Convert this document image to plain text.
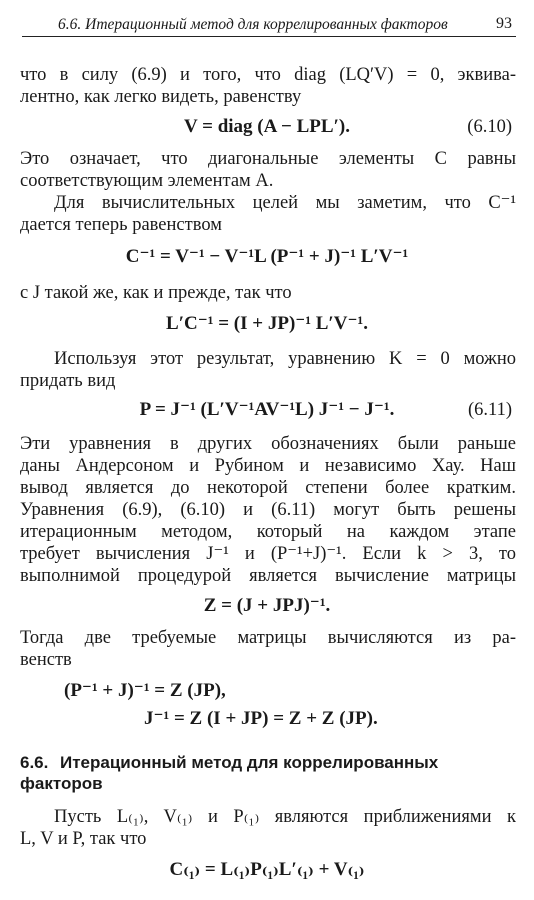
6.6. Итерационный метод для коррелированных факторов	93
что в силу (6.9) и того, что diag (LQ′V) = 0, эквива-
лентно, как легко видеть, равенству
V = diag (A − LPL′).	(6.10)
Это означает, что диагональные элементы C равны
соответствующим элементам A.
Для вычислительных целей мы заметим, что C⁻¹
дается теперь равенством
C⁻¹ = V⁻¹ − V⁻¹L (P⁻¹ + J)⁻¹ L′V⁻¹
с J такой же, как и прежде, так что
L′C⁻¹ = (I + JP)⁻¹ L′V⁻¹.
Используя этот результат, уравнению K = 0 можно
придать вид
P = J⁻¹ (L′V⁻¹AV⁻¹L) J⁻¹ − J⁻¹.	(6.11)
Эти уравнения в других обозначениях были раньше
даны Андерсоном и Рубином и независимо Хау. Наш
вывод является до некоторой степени более кратким.
Уравнения (6.9), (6.10) и (6.11) могут быть решены
итерационным методом, который на каждом этапе
требует вычисления J⁻¹ и (P⁻¹+J)⁻¹. Если k > 3, то
выполнимой процедурой является вычисление матрицы
Z = (J + JPJ)⁻¹.
Тогда две требуемые матрицы вычисляются из ра-
венств
(P⁻¹ + J)⁻¹ = Z (JP),
J⁻¹ = Z (I + JP) = Z + Z (JP).
6.6. Итерационный метод для коррелированных
факторов
Пусть L₍₁₎, V₍₁₎ и P₍₁₎ являются приближениями к
L, V и P, так что
C₍₁₎ = L₍₁₎P₍₁₎L′₍₁₎ + V₍₁₎
